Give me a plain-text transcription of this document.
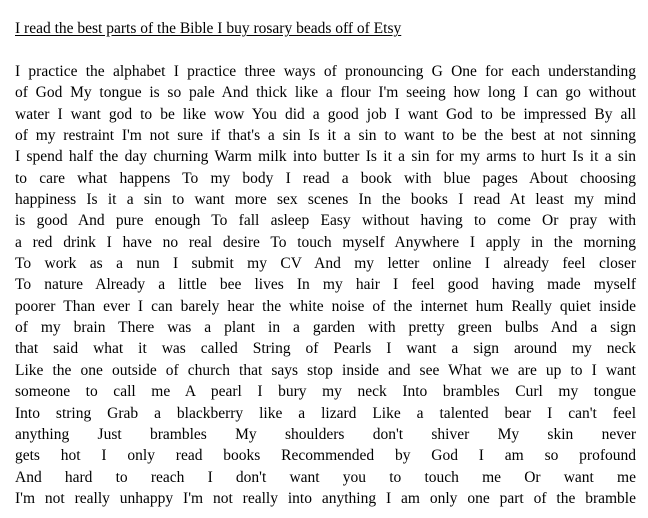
I read the best parts of the Bible I buy rosary beads off of Etsy
I practice the alphabet I practice three ways of pronouncing G One for each understanding
of God My tongue is so pale And thick like a flour I'm seeing how long I can go without
water I want god to be like wow You did a good job I want God to be impressed By all
of my restraint I'm not sure if that's a sin Is it a sin to want to be the best at not sinning
I spend half the day churning Warm milk into butter Is it a sin for my arms to hurt Is it a sin
to care what happens To my body I read a book with blue pages About choosing
happiness Is it a sin to want more sex scenes In the books I read At least my mind
is good And pure enough To fall asleep Easy without having to come Or pray with
a red drink I have no real desire To touch myself Anywhere I apply in the morning
To work as a nun I submit my CV And my letter online I already feel closer
To nature Already a little bee lives In my hair I feel good having made myself
poorer Than ever I can barely hear the white noise of the internet hum Really quiet inside
of my brain There was a plant in a garden with pretty green bulbs And a sign
that said what it was called String of Pearls I want a sign around my neck
Like the one outside of church that says stop inside and see What we are up to I want
someone to call me A pearl I bury my neck Into brambles Curl my tongue
Into string Grab a blackberry like a lizard Like a talented bear I can't feel
anything Just brambles My shoulders don't shiver My skin never
gets hot I only read books Recommended by God I am so profound
And hard to reach I don't want you to touch me Or want me
I'm not really unhappy I'm not really into anything I am only one part of the bramble
